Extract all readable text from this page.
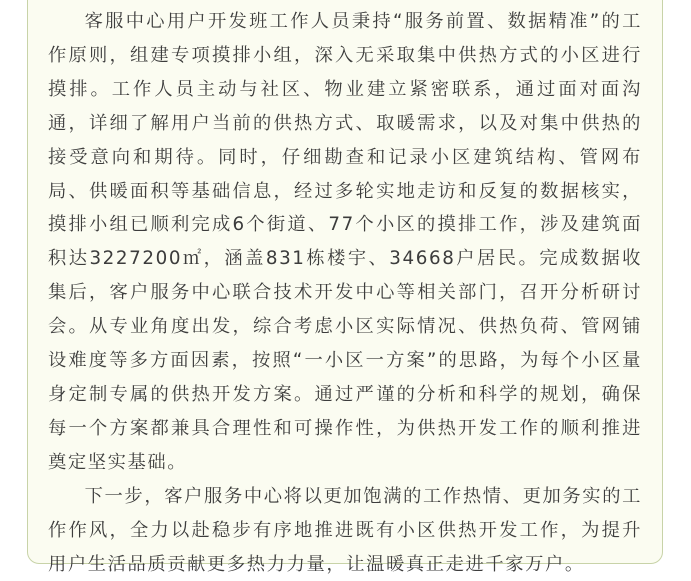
客服中心用户开发班工作人员秉持“服务前置、数据精准”的工作原则，组建专项摸排小组，深入无采取集中供热方式的小区进行摸排。工作人员主动与社区、物业建立紧密联系，通过面对面沟通，详细了解用户当前的供热方式、取暖需求，以及对集中供热的接受意向和期待。同时，仔细勘查和记录小区建筑结构、管网布局、供暖面积等基础信息，经过多轮实地走访和反复的数据核实，摸排小组已顺利完成6个街道、77个小区的摸排工作，涉及建筑面积达3227200㎡，涵盖831栋楼宇、34668户居民。完成数据收集后，客户服务中心联合技术开发中心等相关部门，召开分析研讨会。从专业角度出发，综合考虑小区实际情况、供热负荷、管网铺设难度等多方面因素，按照“一小区一方案”的思路，为每个小区量身定制专属的供热开发方案。通过严谨的分析和科学的规划，确保每一个方案都兼具合理性和可操作性，为供热开发工作的顺利推进奠定坚实基础。

下一步，客户服务中心将以更加饱满的工作热情、更加务实的工作作风，全力以赴稳步有序地推进既有小区供热开发工作，为提升用户生活品质贡献更多热力力量，让温暖真正走进千家万户。
